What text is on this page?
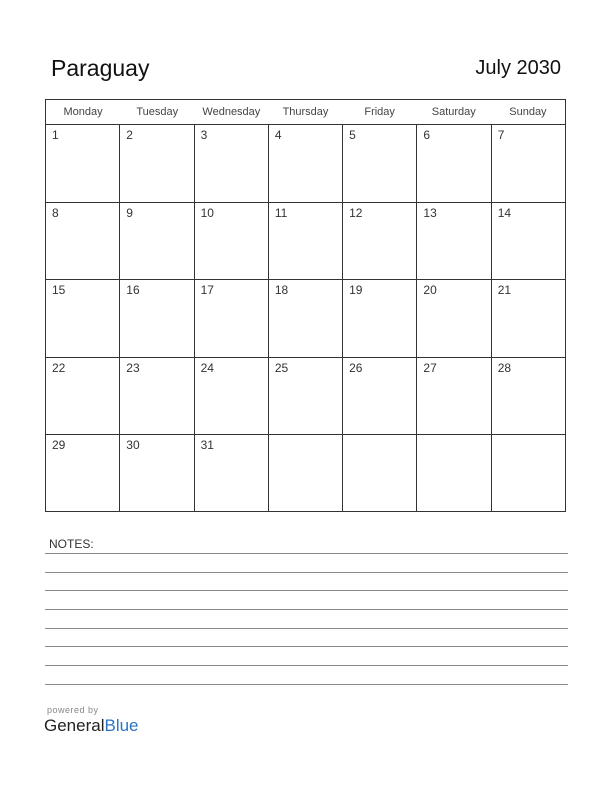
Paraguay	July 2030
Monday	Tuesday	Wednesday	Thursday	Friday	Saturday	Sunday
1	2	3	4	5	6	7
8	9	10	11	12	13	14
15	16	17	18	19	20	21
22	23	24	25	26	27	28
29	30	31
NOTES:
powered by
GeneralBlue
